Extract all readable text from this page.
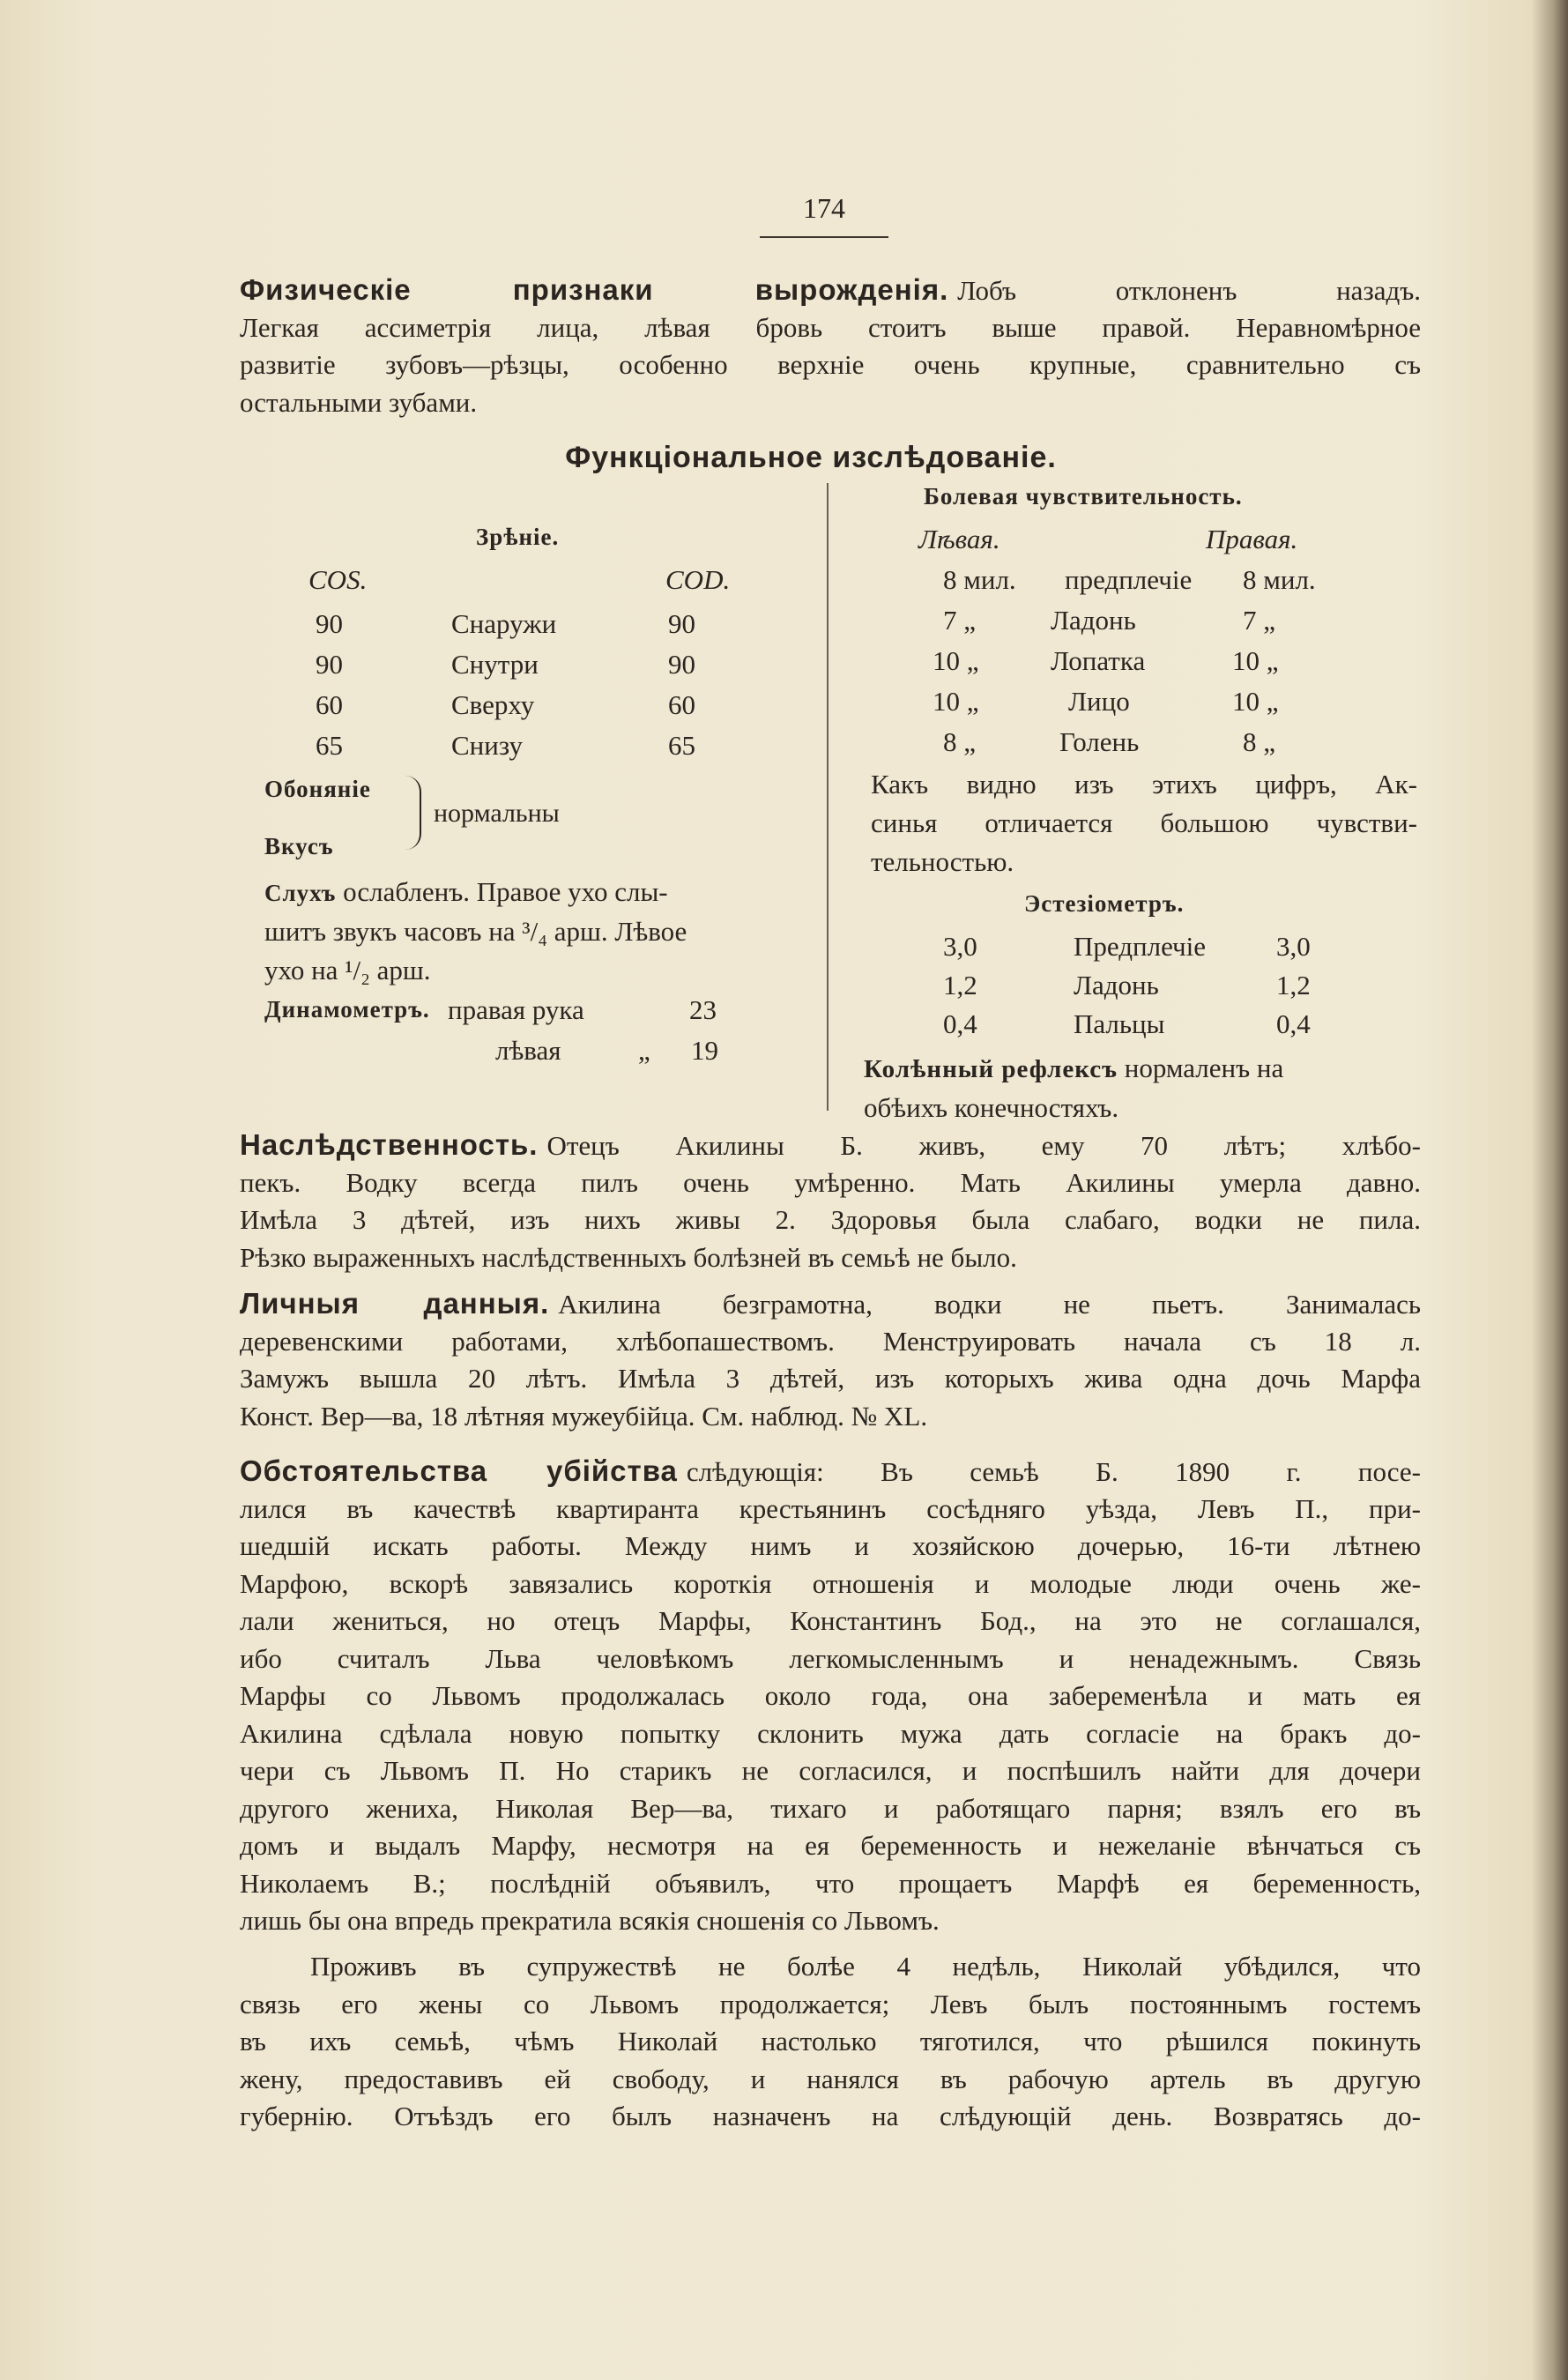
174
Физическіе признаки вырожденія. Лобъ отклоненъ назадъ.
Легкая ассиметрія лица, лѣвая бровь стоитъ выше правой. Неравномѣрное
развитіе зубовъ—рѣзцы, особенно верхніе очень крупные, сравнительно съ
остальными зубами.
Функціональное изслѣдованіе.
Зрѣніе.
COS.	COD.
90	Снаружи	90
90	Снутри	90
60	Сверху	60
65	Снизу	65
Обоняніе
Вкусъ
нормальны
Слухъ ослабленъ. Правое ухо слы-
шитъ звукъ часовъ на ³/₄ арш. Лѣвое
ухо на ¹/₂ арш.
Динамометръ. правая рука	23
лѣвая	„ 19
Болевая чувствительность.
Лѣвая.	Правая.
8 мил. предплечіе 8 мил.
7 „	Ладонь	7 „
10 „	Лопатка	10 „
10 „	Лицо	10 „
8 „	Голень	8 „
Какъ видно изъ этихъ цифръ, Ак-
синья отличается большою чувстви-
тельностью.
Эстезіометръ.
3,0	Предплечіе	3,0
1,2	Ладонь	1,2
0,4	Пальцы	0,4
Колѣнный рефлексъ нормаленъ на
обѣихъ конечностяхъ.
Наслѣдственность. Отецъ Акилины Б. живъ, ему 70 лѣтъ; хлѣбо-
пекъ. Водку всегда пилъ очень умѣренно. Мать Акилины умерла давно.
Имѣла 3 дѣтей, изъ нихъ живы 2. Здоровья была слабаго, водки не пила.
Рѣзко выраженныхъ наслѣдственныхъ болѣзней въ семьѣ не было.
Личныя данныя. Акилина безграмотна, водки не пьетъ. Занималась
деревенскими работами, хлѣбопашествомъ. Менструировать начала съ 18 л.
Замужъ вышла 20 лѣтъ. Имѣла 3 дѣтей, изъ которыхъ жива одна дочь Марфа
Конст. Вер—ва, 18 лѣтняя мужеубійца. См. наблюд. № XL.
Обстоятельства убійства слѣдующія: Въ семьѣ Б. 1890 г. посе-
лился въ качествѣ квартиранта крестьянинъ сосѣдняго уѣзда, Левъ П., при-
шедшій искать работы. Между нимъ и хозяйскою дочерью, 16-ти лѣтнею
Марфою, вскорѣ завязались короткія отношенія и молодые люди очень же-
лали жениться, но отецъ Марфы, Константинъ Бод., на это не соглашался,
ибо считалъ Льва человѣкомъ легкомысленнымъ и ненадежнымъ. Связь
Марфы со Львомъ продолжалась около года, она забеременѣла и мать ея
Акилина сдѣлала новую попытку склонить мужа дать согласіе на бракъ до-
чери съ Львомъ П. Но старикъ не согласился, и поспѣшилъ найти для дочери
другого жениха, Николая Вер—ва, тихаго и работящаго парня; взялъ его въ
домъ и выдалъ Марфу, несмотря на ея беременность и нежеланіе вѣнчаться съ
Николаемъ В.; послѣдній объявилъ, что прощаетъ Марфѣ ея беременность,
лишь бы она впредь прекратила всякія сношенія со Львомъ.
Проживъ въ супружествѣ не болѣе 4 недѣль, Николай убѣдился, что
связь его жены со Львомъ продолжается; Левъ былъ постояннымъ гостемъ
въ ихъ семьѣ, чѣмъ Николай настолько тяготился, что рѣшился покинуть
жену, предоставивъ ей свободу, и нанялся въ рабочую артель въ другую
губернію. Отъѣздъ его былъ назначенъ на слѣдующій день. Возвратясь до-
